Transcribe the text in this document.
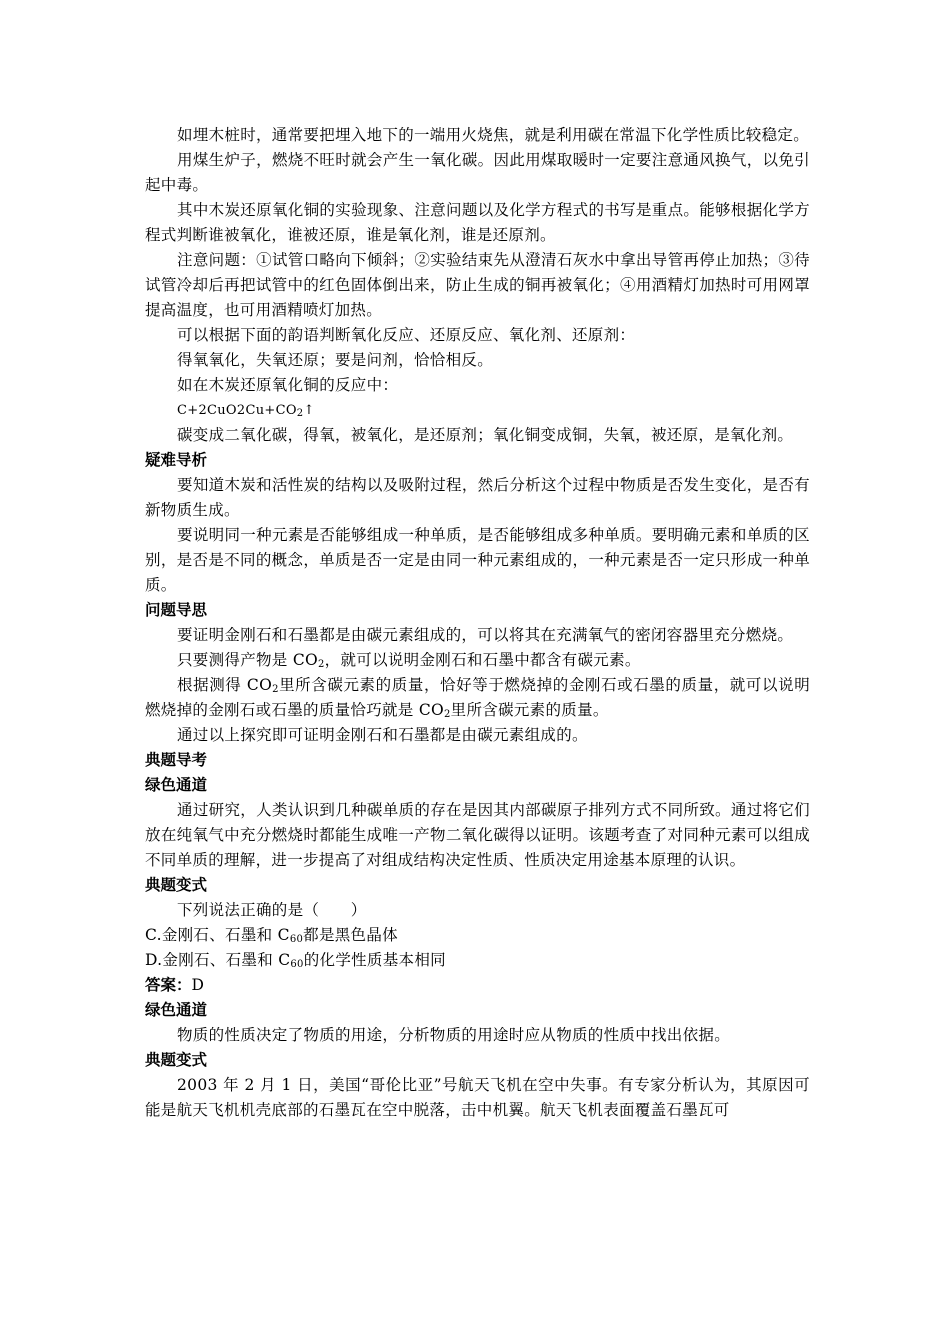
如埋木桩时，通常要把埋入地下的一端用火烧焦，就是利用碳在常温下化学性质比较稳定。

用煤生炉子，燃烧不旺时就会产生一氧化碳。因此用煤取暖时一定要注意通风换气，以免引起中毒。

其中木炭还原氧化铜的实验现象、注意问题以及化学方程式的书写是重点。能够根据化学方程式判断谁被氧化，谁被还原，谁是氧化剂，谁是还原剂。

注意问题：①试管口略向下倾斜；②实验结束先从澄清石灰水中拿出导管再停止加热；③待试管冷却后再把试管中的红色固体倒出来，防止生成的铜再被氧化；④用酒精灯加热时可用网罩提高温度，也可用酒精喷灯加热。

可以根据下面的韵语判断氧化反应、还原反应、氧化剂、还原剂：

得氧氧化，失氧还原；要是问剂，恰恰相反。

如在木炭还原氧化铜的反应中：

$C+2CuO2Cu+CO_2↑$

碳变成二氧化碳，得氧，被氧化，是还原剂；氧化铜变成铜，失氧，被还原，是氧化剂。

疑难导析

要知道木炭和活性炭的结构以及吸附过程，然后分析这个过程中物质是否发生变化，是否有新物质生成。

要说明同一种元素是否能够组成一种单质，是否能够组成多种单质。要明确元素和单质的区别，是否是不同的概念，单质是否一定是由同一种元素组成的，一种元素是否一定只形成一种单质。

问题导思

要证明金刚石和石墨都是由碳元素组成的，可以将其在充满氧气的密闭容器里充分燃烧。

只要测得产物是 $CO_2$，就可以说明金刚石和石墨中都含有碳元素。

根据测得 $CO_2$里所含碳元素的质量，恰好等于燃烧掉的金刚石或石墨的质量，就可以说明燃烧掉的金刚石或石墨的质量恰巧就是 $CO_2$里所含碳元素的质量。

通过以上探究即可证明金刚石和石墨都是由碳元素组成的。

典题导考

绿色通道

通过研究，人类认识到几种碳单质的存在是因其内部碳原子排列方式不同所致。通过将它们放在纯氧气中充分燃烧时都能生成唯一产物二氧化碳得以证明。该题考查了对同种元素可以组成不同单质的理解，进一步提高了对组成结构决定性质、性质决定用途基本原理的认识。

典题变式

下列说法正确的是（　　）

C.金刚石、石墨和 $C_{60}$都是黑色晶体

D.金刚石、石墨和 $C_{60}$的化学性质基本相同

答案：D

绿色通道

物质的性质决定了物质的用途，分析物质的用途时应从物质的性质中找出依据。

典题变式

2003 年 2 月 1 日，美国“哥伦比亚”号航天飞机在空中失事。有专家分析认为，其原因可能是航天飞机机壳底部的石墨瓦在空中脱落，击中机翼。航天飞机表面覆盖石墨瓦可
